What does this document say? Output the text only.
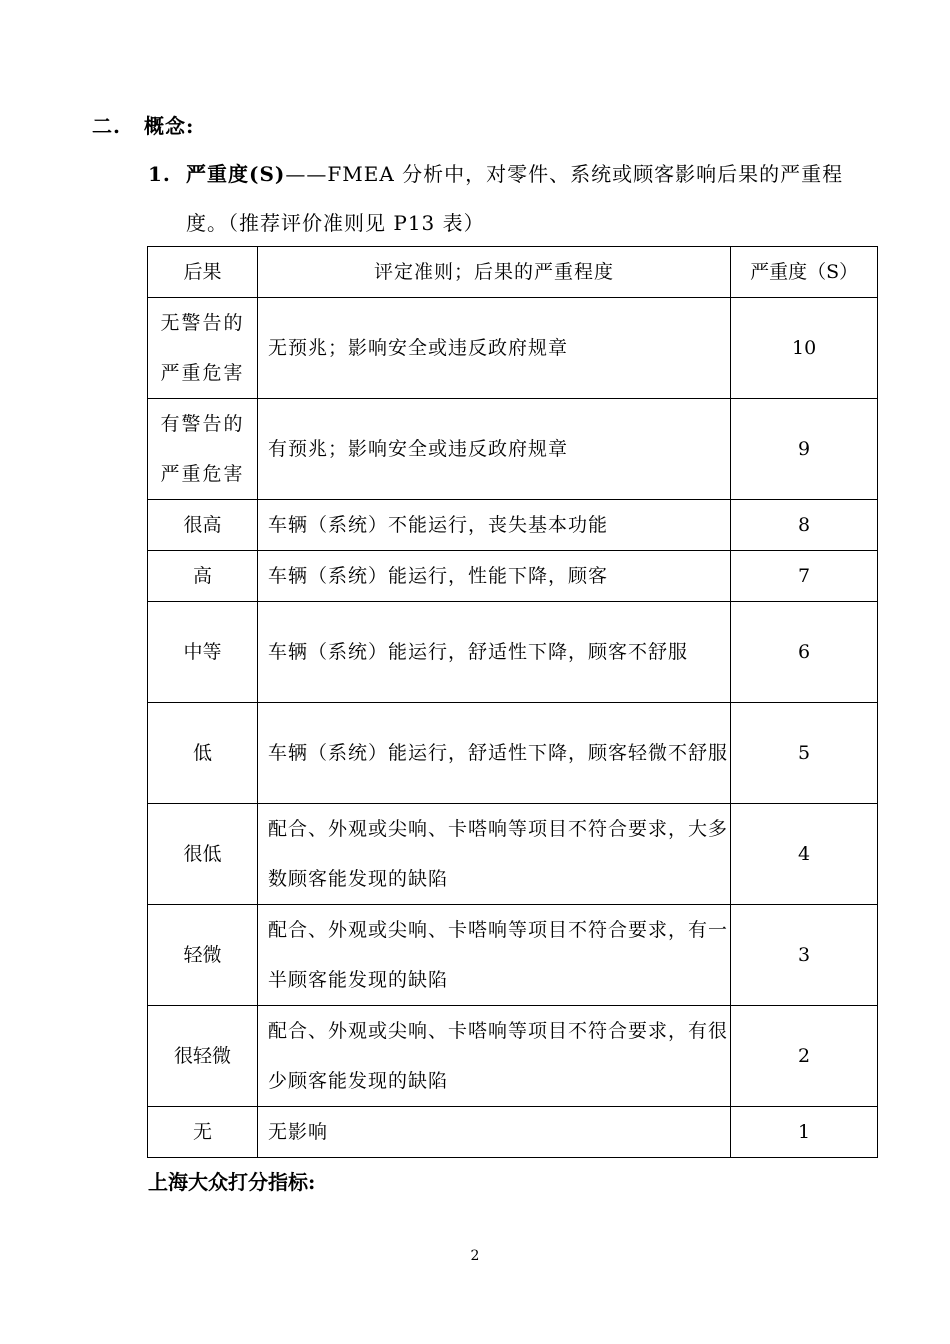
二. 概念:
1. 严重度(S)——FMEA 分析中，对零件、系统或顾客影响后果的严重程
度。（推荐评价准则见 P13 表）
后果	评定准则；后果的严重程度	严重度（S）
无警告的严重危害	无预兆；影响安全或违反政府规章	10
有警告的严重危害	有预兆；影响安全或违反政府规章	9
很高	车辆（系统）不能运行，丧失基本功能	8
高	车辆（系统）能运行，性能下降，顾客	7
中等	车辆（系统）能运行，舒适性下降，顾客不舒服	6
低	车辆（系统）能运行，舒适性下降，顾客轻微不舒服	5
很低	配合、外观或尖响、卡嗒响等项目不符合要求，大多数顾客能发现的缺陷	4
轻微	配合、外观或尖响、卡嗒响等项目不符合要求，有一半顾客能发现的缺陷	3
很轻微	配合、外观或尖响、卡嗒响等项目不符合要求，有很少顾客能发现的缺陷	2
无	无影响	1
上海大众打分指标:
2
